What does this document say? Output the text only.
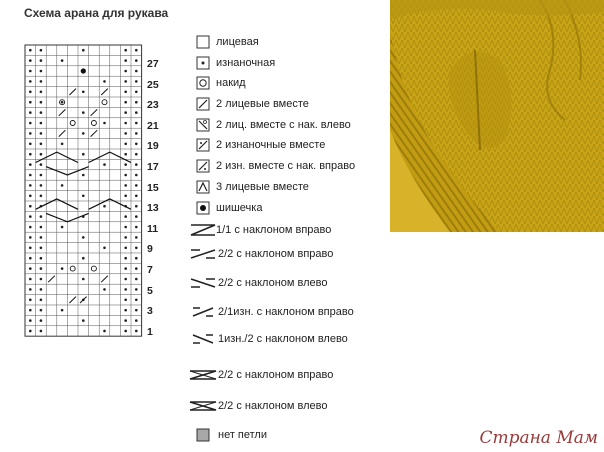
Схема арана для рукава
27
25
23
21
19
17
15
13
11
9
7
5
3
1
лицевая
изнаночная
накид
2 лицевые вместе
2 лиц. вместе с нак. влево
2 изнаночные вместе
2 изн. вместе с нак. вправо
3 лицевые вместе
шишечка
1/1 с наклоном вправо
2/2 с наклоном вправо
2/2 с наклоном влево
2/1изн. с наклоном вправо
1изн./2 с наклоном влево
2/2 с наклоном вправо
2/2 с наклоном влево
нет петли	Страна Мам
